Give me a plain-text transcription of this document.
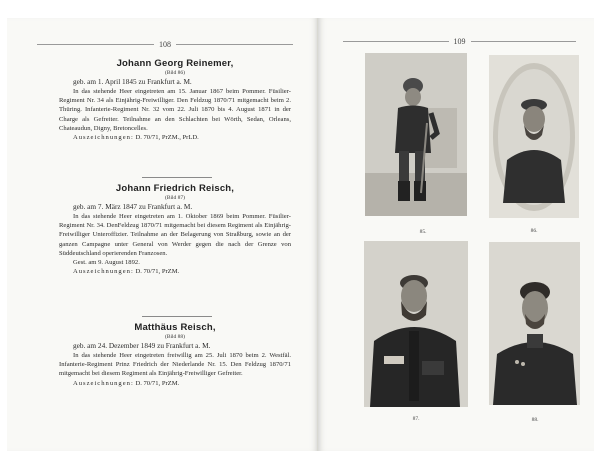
108
Johann Georg Reinemer,
(Bild 86)
geb. am 1. April 1845 zu Frankfurt a. M.
In das stehende Heer eingetreten am 15. Januar 1867 beim Pommer. Füsilier-Regiment Nr. 34 als Einjährig-Freiwilliger. Den Feldzug 1870/71 mitgemacht beim 2. Thüring. Infanterie-Regiment Nr. 32 vom 22. Juli 1870 bis 4. August 1871 in der Charge als Gefreiter. Teilnahme an den Schlachten bei Wörth, Sedan, Orleans, Chateaudun, Digny, Bretoncelles.
Auszeichnungen: D. 70/71, PrZM., PrLD.
Johann Friedrich Reisch,
(Bild 87)
geb. am 7. März 1847 zu Frankfurt a. M.
In das stehende Heer eingetreten am 1. Oktober 1869 beim Pommer. Füsilier-Regiment Nr. 34. DenFeldzug 1870/71 mitgemacht bei diesem Regiment als Einjährig-Freiwilliger Unteroffizier. Teilnahme an der Belagerung von Straßburg, sowie an der ganzen Campagne unter General von Werder gegen die nach der Grenze von Süddeutschland operierenden Franzosen.
Gest. am 9. August 1892.
Auszeichnungen: D. 70/71, PrZM.
Matthäus Reisch,
(Bild 88)
geb. am 24. Dezember 1849 zu Frankfurt a. M.
In das stehende Heer eingetreten freiwillig am 25. Juli 1870 beim 2. Westfäl. Infanterie-Regiment Prinz Friedrich der Niederlande Nr. 15. Den Feldzug 1870/71 mitgemacht bei diesem Regiment als Einjährig-Freiwilliger Gefreiter.
Auszeichnungen: D. 70/71, PrZM.
109
85.	86.
87.	88.
